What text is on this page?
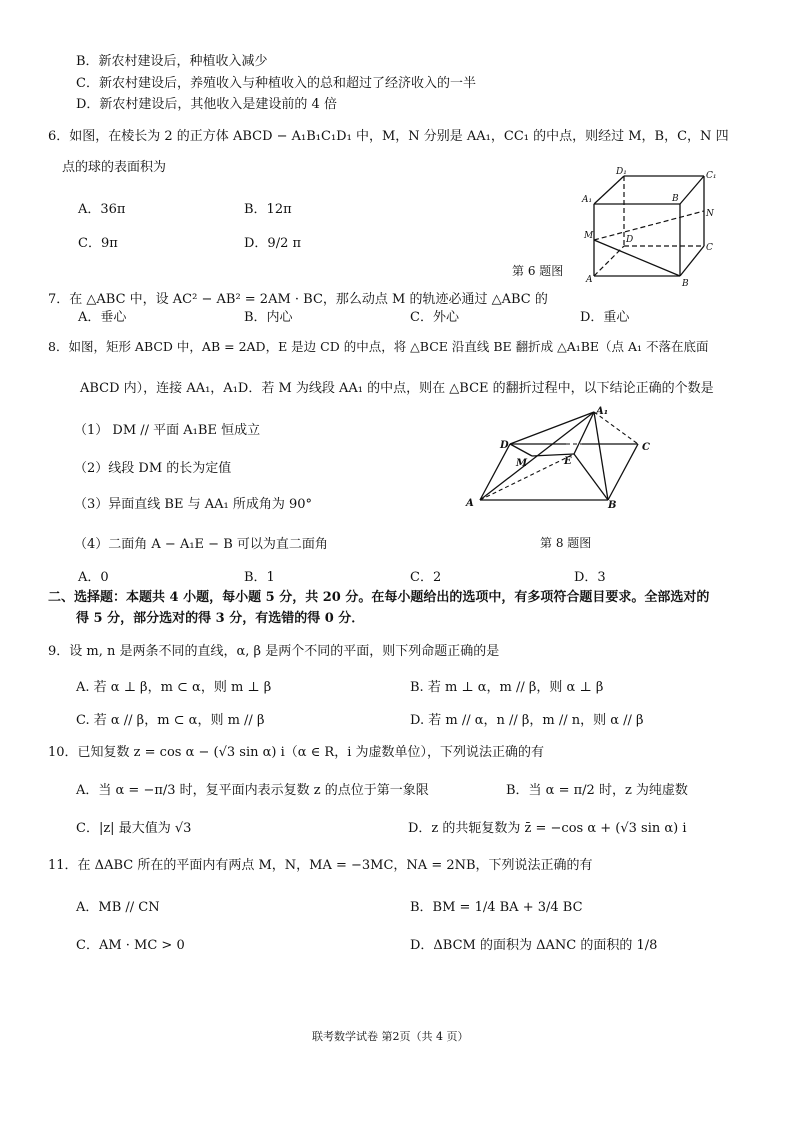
B．新农村建设后，种植收入减少
C．新农村建设后，养殖收入与种植收入的总和超过了经济收入的一半
D．新农村建设后，其他收入是建设前的 4 倍
6．如图，在棱长为 2 的正方体 ABCD − A₁B₁C₁D₁ 中，M，N 分别是 AA₁，CC₁ 的中点，则经过 M，B，C，N 四
点的球的表面积为
A．36π	B．12π
C．9π	D．9/2 π
D₁	C₁
A₁	B
N
M	D
C
A	B
第 6 题图
7．在 △ABC 中，设 AC² − AB² = 2AM · BC，那么动点 M 的轨迹必通过 △ABC 的
A．垂心	B．内心	C．外心	D．重心
8．如图，矩形 ABCD 中，AB = 2AD，E 是边 CD 的中点，将 △BCE 沿直线 BE 翻折成 △A₁BE（点 A₁ 不落在底面
ABCD 内），连接 AA₁，A₁D．若 M 为线段 AA₁ 的中点，则在 △BCE 的翻折过程中，以下结论正确的个数是
（1） DM // 平面 A₁BE 恒成立
（2）线段 DM 的长为定值
（3）异面直线 BE 与 AA₁ 所成角为 90°
（4）二面角 A − A₁E − B 可以为直二面角
A₁
D	C
M	E
A	B
第 8 题图
A．0	B．1	C．2	D．3
二、选择题：本题共 4 小题，每小题 5 分，共 20 分。在每小题给出的选项中，有多项符合题目要求。全部选对的
得 5 分，部分选对的得 3 分，有选错的得 0 分．
9．设 m, n 是两条不同的直线，α, β 是两个不同的平面，则下列命题正确的是
A. 若 α ⊥ β，m ⊂ α，则 m ⊥ β	B. 若 m ⊥ α，m // β，则 α ⊥ β
C. 若 α // β，m ⊂ α，则 m // β	D. 若 m // α，n // β，m // n，则 α // β
10．已知复数 z = cos α − (√3 sin α) i（α ∈ R，i 为虚数单位），下列说法正确的有
A．当 α = −π/3 时，复平面内表示复数 z 的点位于第一象限	B．当 α = π/2 时，z 为纯虚数
C．|z| 最大值为 √3	D．z 的共轭复数为 z̄ = −cos α + (√3 sin α) i
11．在 ΔABC 所在的平面内有两点 M，N，MA = −3MC，NA = 2NB，下列说法正确的有
A．MB // CN	B．BM = 1/4 BA + 3/4 BC
C．AM · MC > 0	D．ΔBCM 的面积为 ΔANC 的面积的 1/8
联考数学试卷 第2页（共 4 页）
